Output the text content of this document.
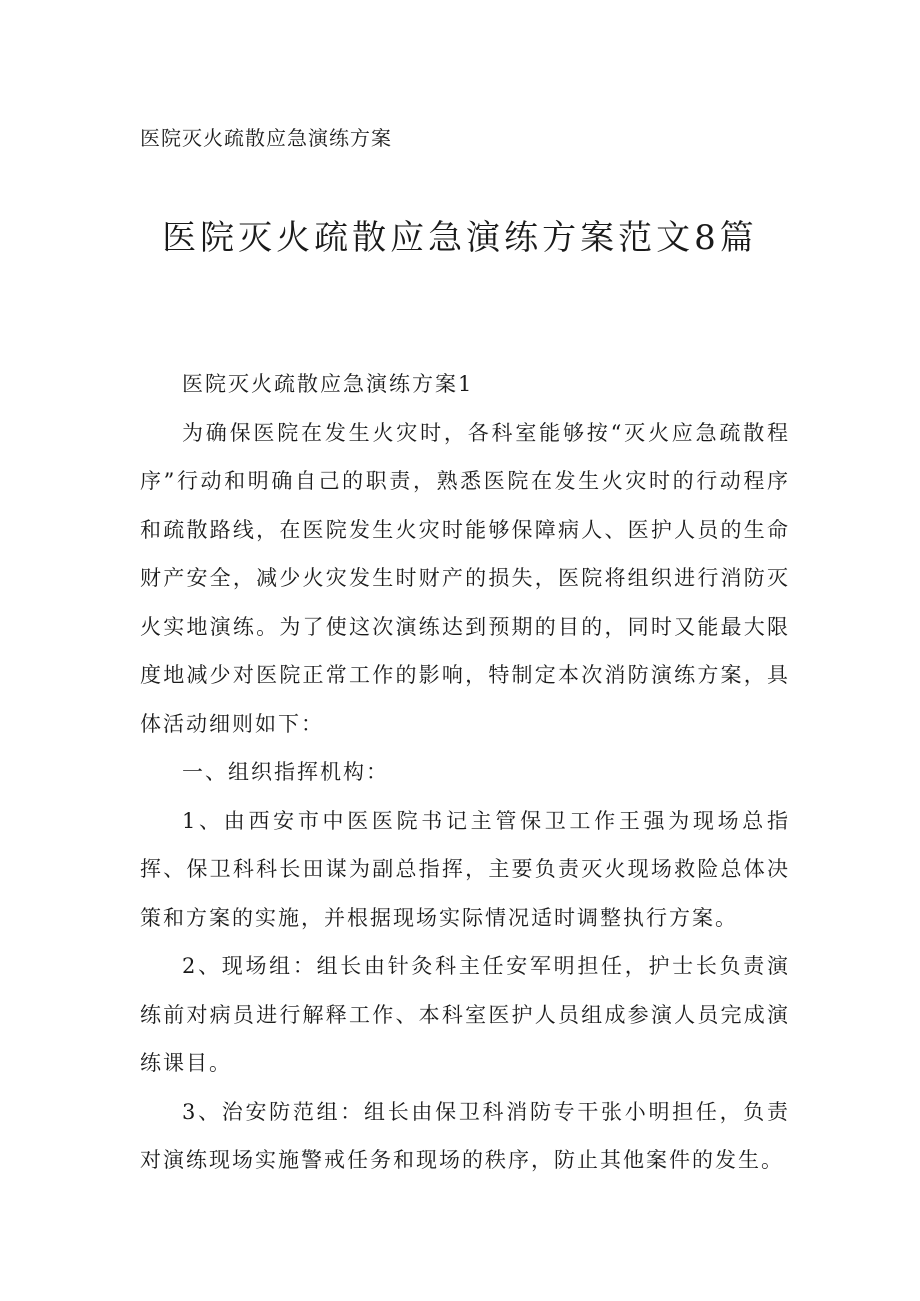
医院灭火疏散应急演练方案
医院灭火疏散应急演练方案范文8篇

医院灭火疏散应急演练方案1

为确保医院在发生火灾时，各科室能够按“灭火应急疏散程序”行动和明确自己的职责，熟悉医院在发生火灾时的行动程序和疏散路线，在医院发生火灾时能够保障病人、医护人员的生命财产安全，减少火灾发生时财产的损失，医院将组织进行消防灭火实地演练。为了使这次演练达到预期的目的，同时又能最大限度地减少对医院正常工作的影响，特制定本次消防演练方案，具体活动细则如下：

一、组织指挥机构：

1、由西安市中医医院书记主管保卫工作王强为现场总指挥、保卫科科长田谋为副总指挥，主要负责灭火现场救险总体决策和方案的实施，并根据现场实际情况适时调整执行方案。

2、现场组：组长由针灸科主任安军明担任，护士长负责演练前对病员进行解释工作、本科室医护人员组成参演人员完成演练课目。

3、治安防范组：组长由保卫科消防专干张小明担任，负责对演练现场实施警戒任务和现场的秩序，防止其他案件的发生。
